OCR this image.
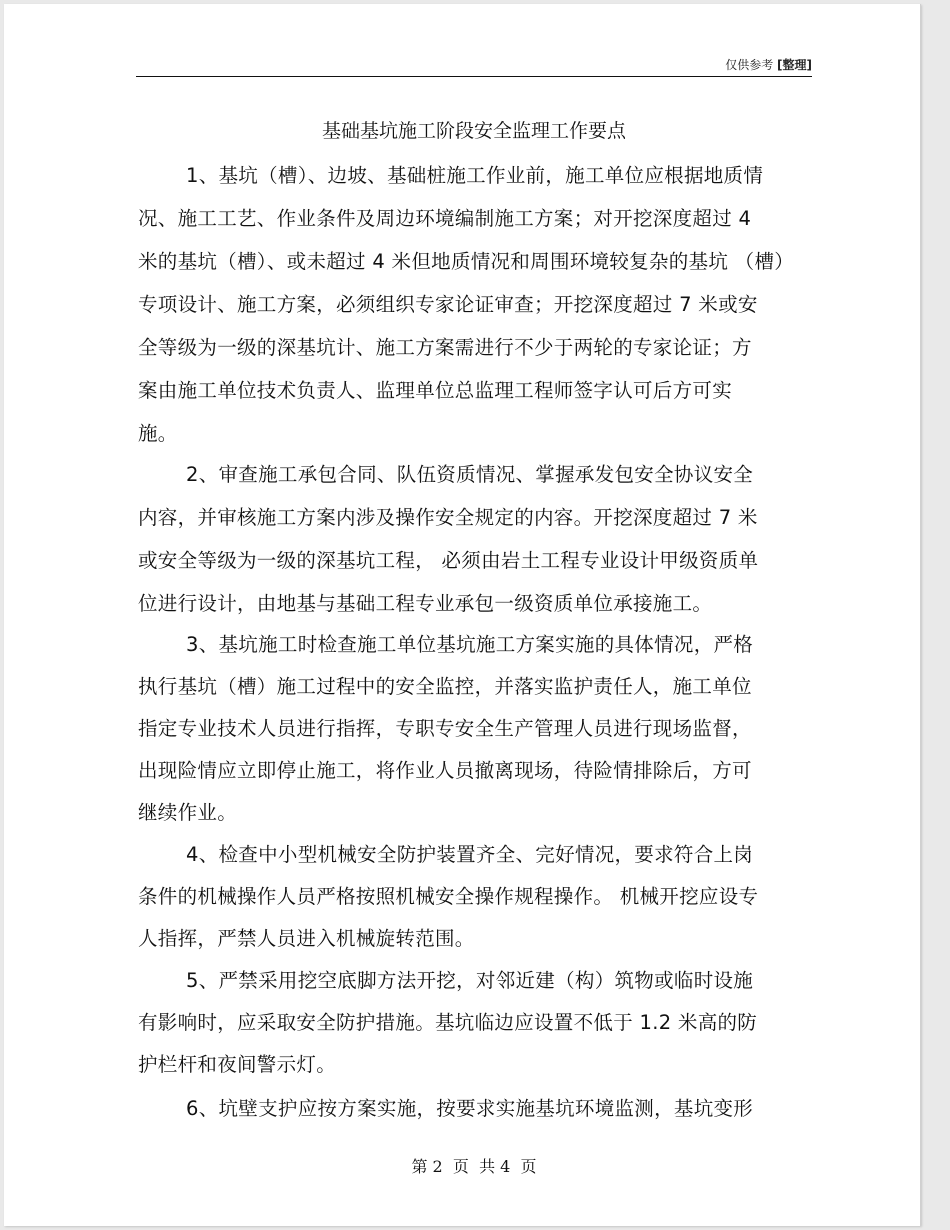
仅供参考 [整理]
基础基坑施工阶段安全监理工作要点
1、基坑（槽）、边坡、基础桩施工作业前，施工单位应根据地质情
况、施工工艺、作业条件及周边环境编制施工方案；对开挖深度超过 4
米的基坑（槽）、或未超过 4 米但地质情况和周围环境较复杂的基坑 （槽）
专项设计、施工方案，必须组织专家论证审查；开挖深度超过 7 米或安
全等级为一级的深基坑计、施工方案需进行不少于两轮的专家论证；方
案由施工单位技术负责人、监理单位总监理工程师签字认可后方可实
施。
2、审查施工承包合同、队伍资质情况、掌握承发包安全协议安全
内容，并审核施工方案内涉及操作安全规定的内容。开挖深度超过 7 米
或安全等级为一级的深基坑工程， 必须由岩土工程专业设计甲级资质单
位进行设计，由地基与基础工程专业承包一级资质单位承接施工。
3、基坑施工时检查施工单位基坑施工方案实施的具体情况，严格
执行基坑（槽）施工过程中的安全监控，并落实监护责任人，施工单位
指定专业技术人员进行指挥，专职专安全生产管理人员进行现场监督，
出现险情应立即停止施工，将作业人员撤离现场，待险情排除后，方可
继续作业。
4、检查中小型机械安全防护装置齐全、完好情况，要求符合上岗
条件的机械操作人员严格按照机械安全操作规程操作。 机械开挖应设专
人指挥，严禁人员进入机械旋转范围。
5、严禁采用挖空底脚方法开挖，对邻近建（构）筑物或临时设施
有影响时，应采取安全防护措施。基坑临边应设置不低于 1.2 米高的防
护栏杆和夜间警示灯。
6、坑壁支护应按方案实施，按要求实施基坑环境监测，基坑变形
第 2  页  共 4  页
